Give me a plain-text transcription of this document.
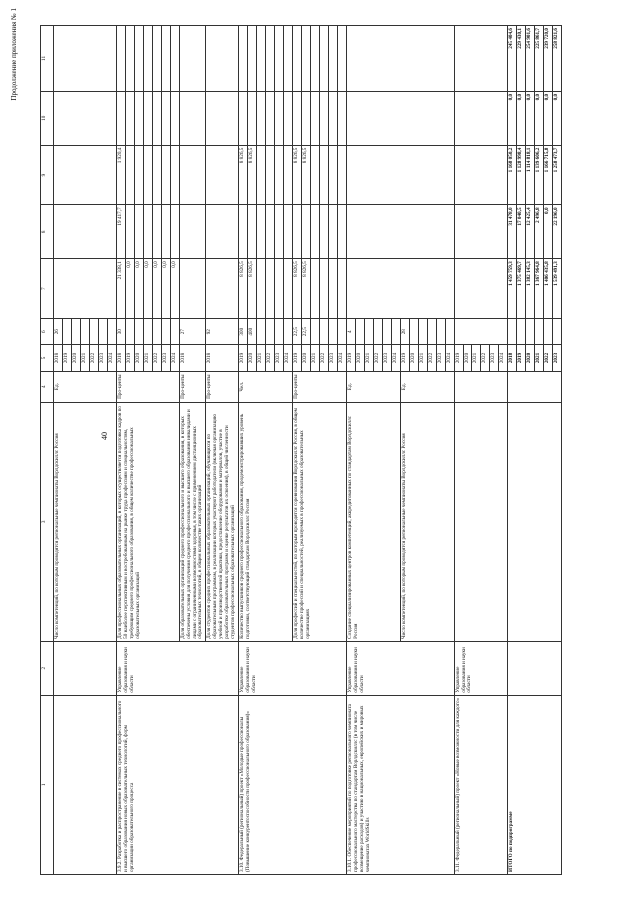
40
Продолжение приложения № 1
1	2	3	4	5	6	7	8	9	10	11
		Число компетенций, по которым проводятся региональные чемпионаты Ворлдскиллс Россия	Ед.	2018	26					
				2019						
				2020						
				2021						
				2022						
				2023						
				2024						
3.9.2. Разработка и распространение в системах среднего профессионального и высшего образования новых образовательных технологий, форм организации образовательного процесса	Управление образования и науки области	Доля профессиональных образовательных организаций, в которых осуществляется подготовка кадров по 50 наиболее перспективным и востребованным на рынке труда профессиям и специальностям, требующим среднего профессионального образования, в общем количестве профессиональных образовательных организаций	Про-центы	2018	30	21 338,1	19 417,7	1 920,4		
				2019		0,0				
				2020		0,0				
				2021		0,0				
				2022		0,0				
				2023		0,0				
				2024		0,0				
		Доля образовательных организаций среднего профессионального и высшего образования, в которых обеспечены условия для получения среднего профессионального и высшего образования инвалидами и лицами с ограниченными возможностями здоровья, в том числе с применением дистанционных образовательных технологий, в общем количестве таких организаций	Про-центы	2018	27					
		Доля студентов средних профессиональных образовательных организаций, обучающихся по образовательным программам, в реализации которых участвуют работодатели (включая организацию учебной и производственной практики, предоставление оборудования и материалов, участие в разработке образовательных программ и оценке результатов их освоения), в общей численности студентов профессиональных образовательных организаций	Про-центы	2018	92					
3.10. Федеральный (региональный) проект «Молодые профессионалы (Повышение конкурентоспособности профессионального образования)»	Управление образования и науки области	Количество выпускников среднего профессионального образования, продемонстрировавших уровень подготовки, соответствующий стандартам Ворлдскиллс Россия	Чел.	2019	300	8 826,5		8 826,5		
				2020	400	8 826,5		8 826,5		
				2021						
				2022						
				2023						
				2024						
		Доля профессий и специальностей, по которым проводятся соревнования Ворлдскиллс Россия, в общем количестве профессий и специальностей, реализуемых в профессиональных образовательных организациях	Про-центы	2019	22,5	8 826,5		8 826,5		
				2020	22,5	8 826,5		8 826,5		
				2021						
				2022						
				2023						
				2024						
3.10.1. Обеспечение мероприятий по подготовке регионального чемпионата профессионального мастерства по стандартам Ворлдскиллс (в том числе возмещение расходов) и участию в национальных, европейских и мировых чемпионатах WorldSkills	Управление образования и науки области	Создание специализированных центров компетенций, аккредитованных по стандартам Ворлдскиллс Россия	Ед.	2019	4					
				2020						
				2021						
				2022						
				2023						
				2024						
		Число компетенций, по которым проводятся региональные чемпионаты Ворлдскиллс Россия	Ед.	2019	28					
				2020						
				2021						
				2022						
				2023						
				2024						
3.11. Федеральный (региональный) проект «Новые возможности для каждого»	Управление образования и науки области			2019						
				2020						
				2021						
				2022						
				2023						
				2024						
ИТОГО по подпрограмме				2018		1 459 759,3	31 478,0	1 168 050,2	0,0	245 404,6
				2019		1 375 469,7	17 040,5	1 128 998,4	0,0	229 430,1
				2020		1 382 145,3	12 425,4	1 114 818,1	0,0	254 901,6
				2021		1 367 964,8	2 496,8	1 139 606,2	0,0	225 861,7
				2022		1 406 435,8	0,0	1 166 715,8	0,0	239 720,0
				2023		1 539 491,3	22 196,0	1 258 473,7	0,0	258 821,6
